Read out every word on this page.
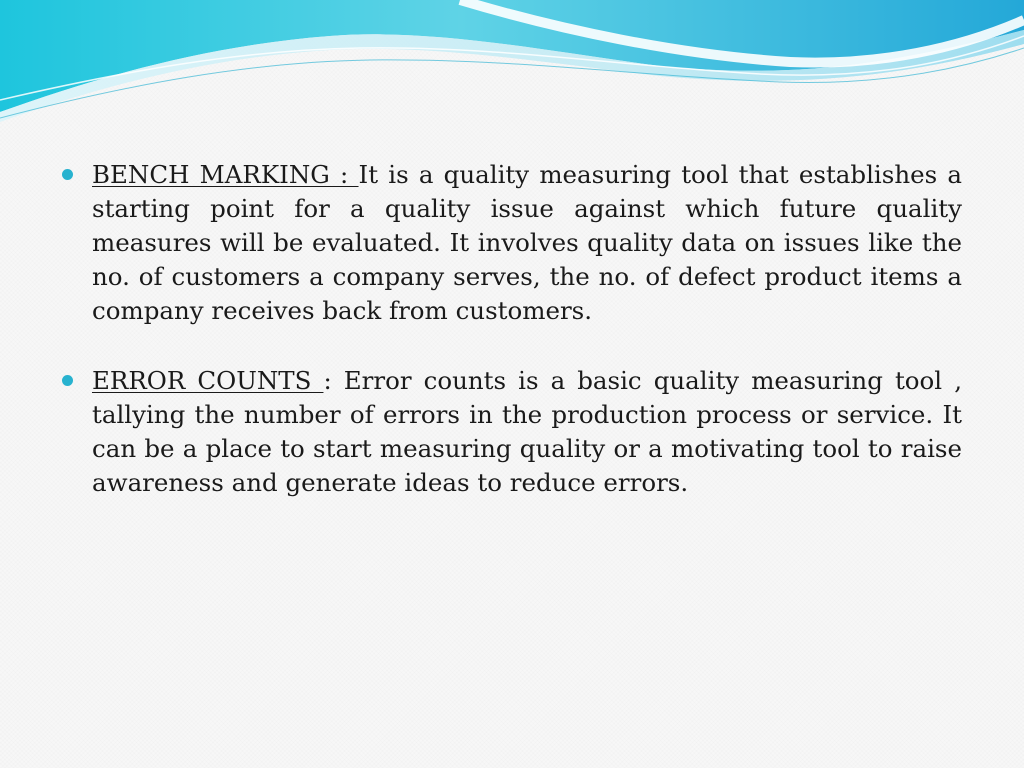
BENCH MARKING : It is a quality measuring tool that establishes a starting point for a quality issue against which future quality measures will be evaluated. It involves quality data on issues like the no. of customers a company serves, the no. of defect product items a company receives back from customers.
ERROR COUNTS : Error counts is a basic quality measuring tool , tallying the number of errors in the production process or service. It can be a place to start measuring quality or a motivating tool to raise awareness and generate ideas to reduce errors.
